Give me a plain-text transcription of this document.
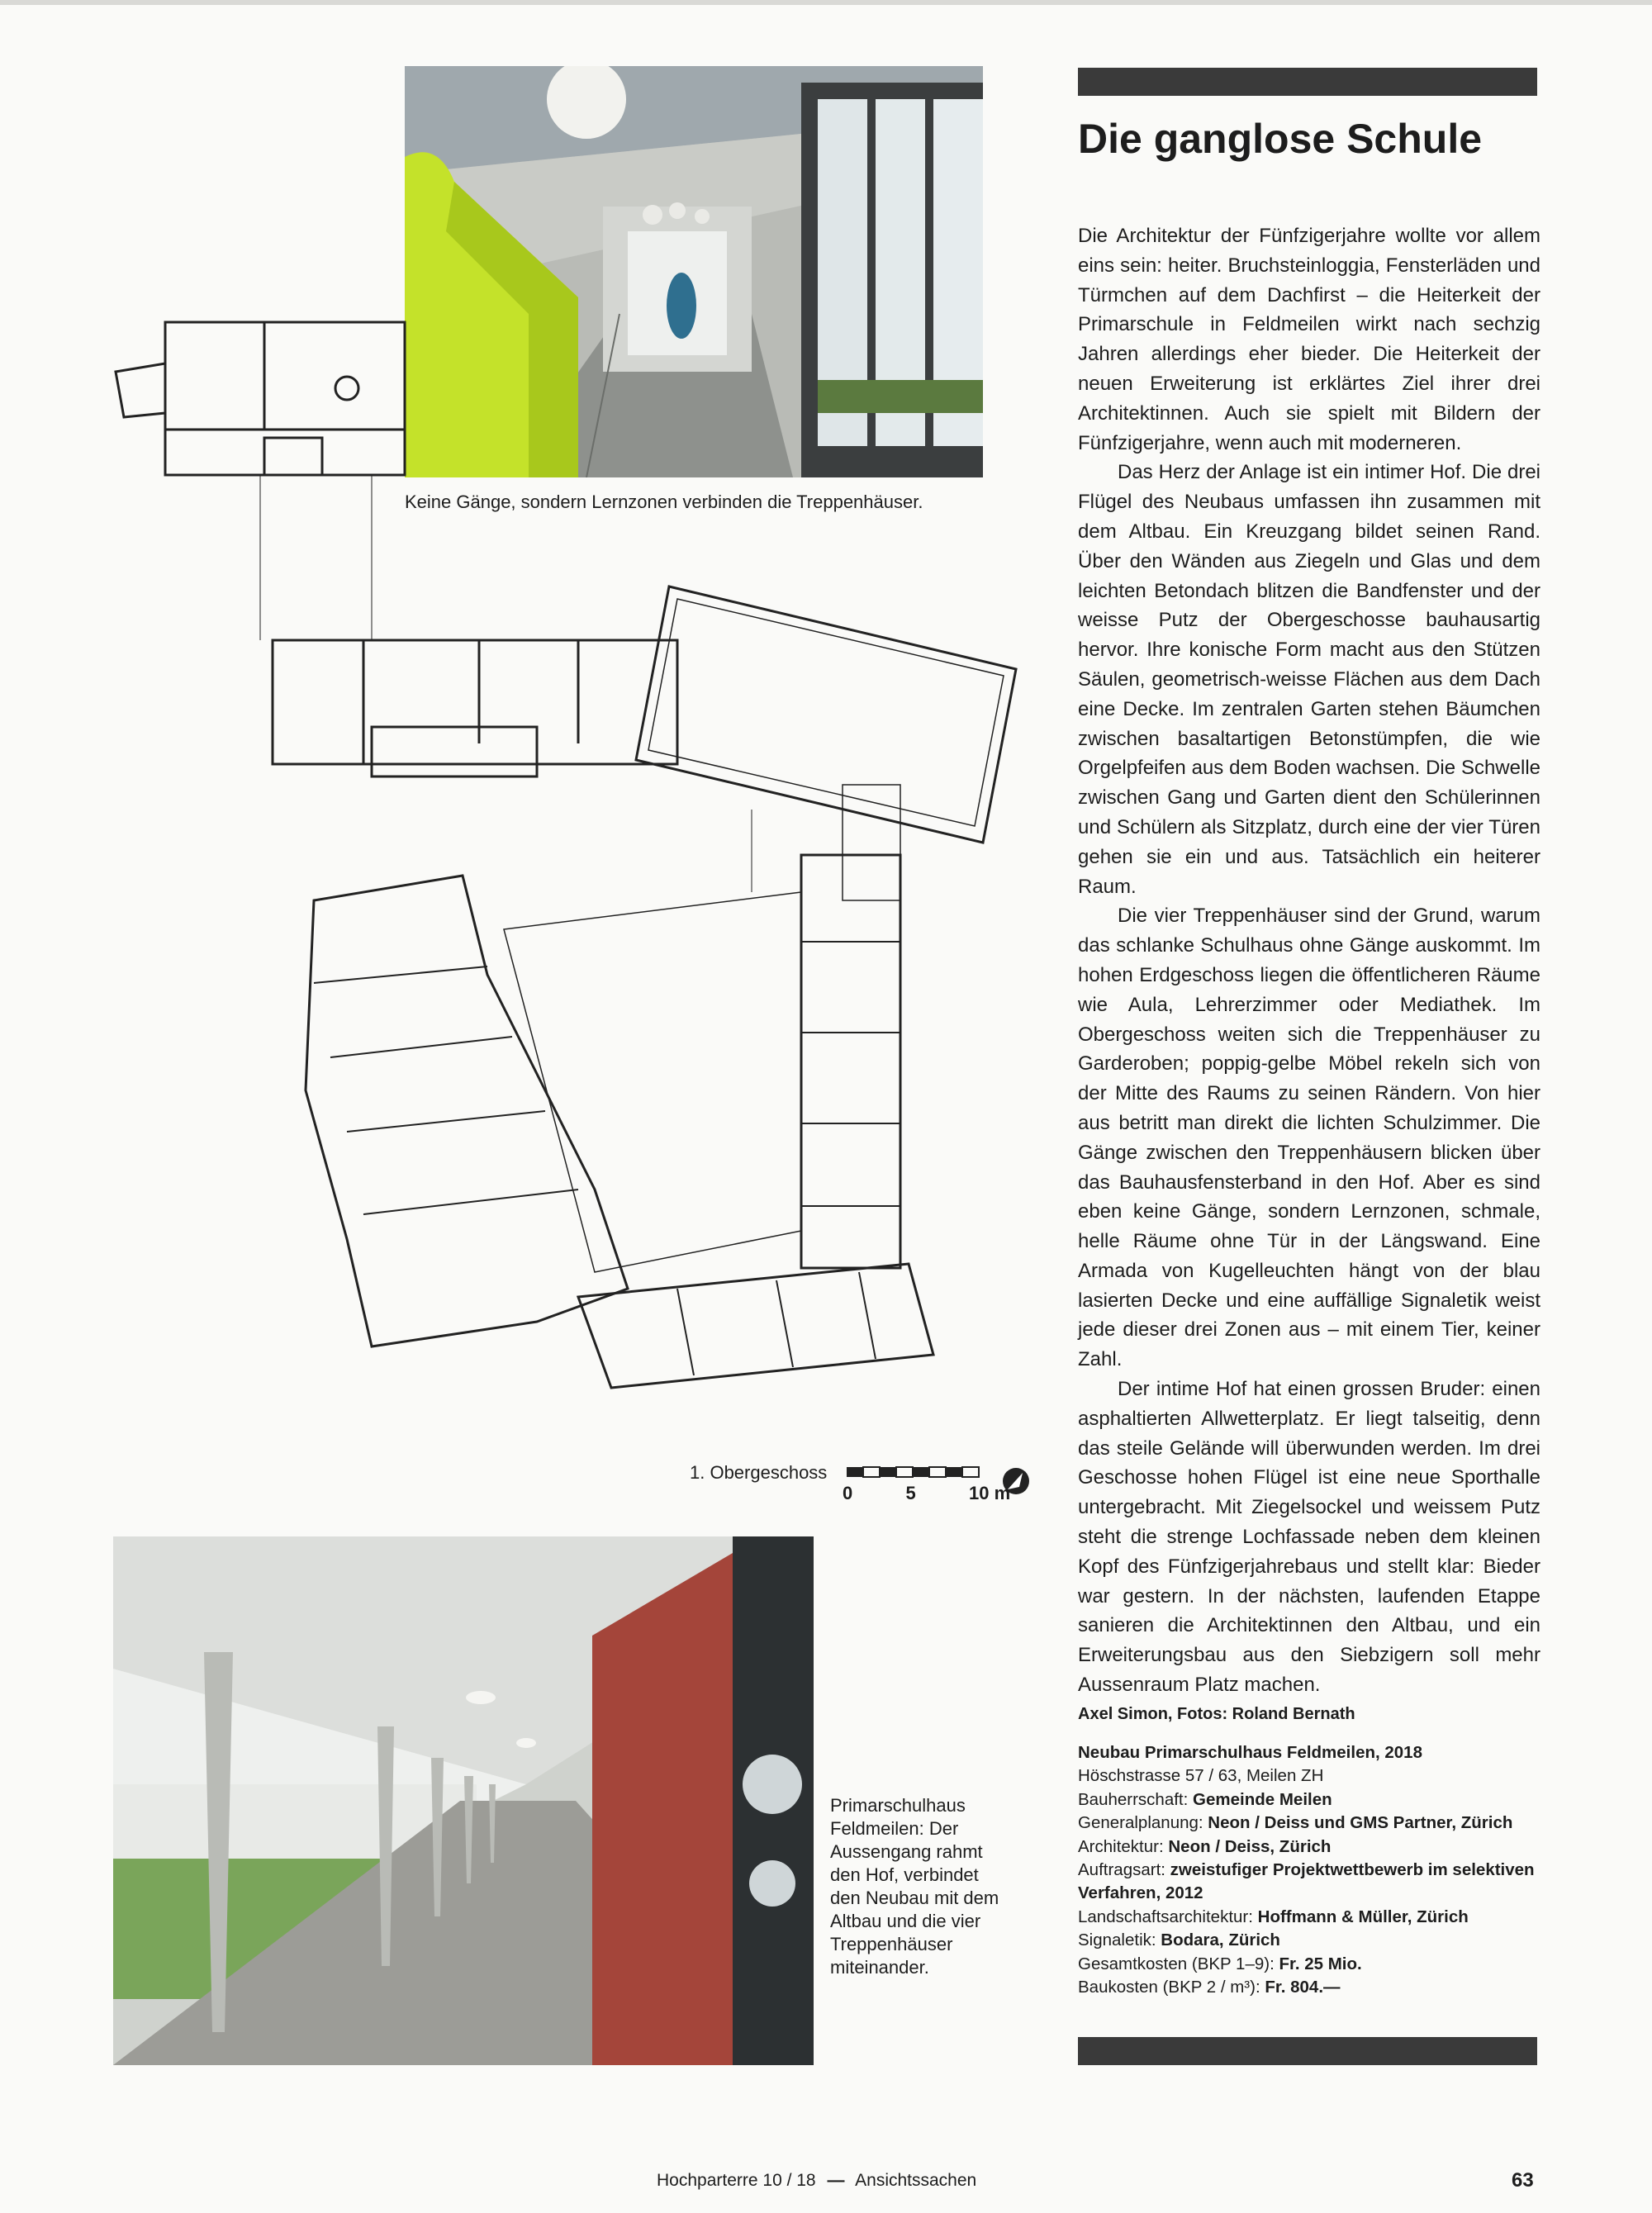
Keine Gänge, sondern Lernzonen verbinden die Treppenhäuser.
1. Obergeschoss
0	5	10 m
Primarschulhaus Feldmeilen: Der Aussengang rahmt den Hof, verbindet den Neubau mit dem Altbau und die vier Treppenhäuser miteinander.
Die ganglose Schule

Die Architektur der Fünfzigerjahre wollte vor allem eins sein: heiter. Bruchsteinloggia, Fensterläden und Türmchen auf dem Dachfirst – die Heiterkeit der Primarschule in Feldmeilen wirkt nach sechzig Jahren allerdings eher bieder. Die Heiterkeit der neuen Erweiterung ist erklärtes Ziel ihrer drei Architektinnen. Auch sie spielt mit Bildern der Fünfzigerjahre, wenn auch mit moderneren.

Das Herz der Anlage ist ein intimer Hof. Die drei Flügel des Neubaus umfassen ihn zusammen mit dem Altbau. Ein Kreuzgang bildet seinen Rand. Über den Wänden aus Ziegeln und Glas und dem leichten Betondach blitzen die Bandfenster und der weisse Putz der Obergeschosse bauhausartig hervor. Ihre konische Form macht aus den Stützen Säulen, geometrisch-weisse Flächen aus dem Dach eine Decke. Im zentralen Garten stehen Bäumchen zwischen basaltartigen Betonstümpfen, die wie Orgelpfeifen aus dem Boden wachsen. Die Schwelle zwischen Gang und Garten dient den Schülerinnen und Schülern als Sitzplatz, durch eine der vier Türen gehen sie ein und aus. Tatsächlich ein heiterer Raum.

Die vier Treppenhäuser sind der Grund, warum das schlanke Schulhaus ohne Gänge auskommt. Im hohen Erdgeschoss liegen die öffentlicheren Räume wie Aula, Lehrerzimmer oder Mediathek. Im Obergeschoss weiten sich die Treppenhäuser zu Garderoben; poppig-gelbe Möbel rekeln sich von der Mitte des Raums zu seinen Rändern. Von hier aus betritt man direkt die lichten Schulzimmer. Die Gänge zwischen den Treppenhäusern blicken über das Bauhausfensterband in den Hof. Aber es sind eben keine Gänge, sondern Lernzonen, schmale, helle Räume ohne Tür in der Längswand. Eine Armada von Kugelleuchten hängt von der blau lasierten Decke und eine auffällige Signaletik weist jede dieser drei Zonen aus – mit einem Tier, keiner Zahl.

Der intime Hof hat einen grossen Bruder: einen asphaltierten Allwetterplatz. Er liegt talseitig, denn das steile Gelände will überwunden werden. Im drei Geschosse hohen Flügel ist eine neue Sporthalle untergebracht. Mit Ziegelsockel und weissem Putz steht die strenge Lochfassade neben dem kleinen Kopf des Fünfzigerjahrebaus und stellt klar: Bieder war gestern. In der nächsten, laufenden Etappe sanieren die Architektinnen den Altbau, und ein Erweiterungsbau aus den Siebzigern soll mehr Aussenraum Platz machen.

Axel Simon, Fotos: Roland Bernath

Neubau Primarschulhaus Feldmeilen, 2018
Höschstrasse 57 / 63, Meilen ZH
Bauherrschaft: Gemeinde Meilen
Generalplanung: Neon / Deiss und GMS Partner, Zürich
Architektur: Neon / Deiss, Zürich
Auftragsart: zweistufiger Projektwettbewerb im selektiven Verfahren, 2012
Landschaftsarchitektur: Hoffmann & Müller, Zürich
Signaletik: Bodara, Zürich
Gesamtkosten (BKP 1–9): Fr. 25 Mio.
Baukosten (BKP 2 / m³): Fr. 804.—
Hochparterre 10 / 18 — Ansichtssachen	63
